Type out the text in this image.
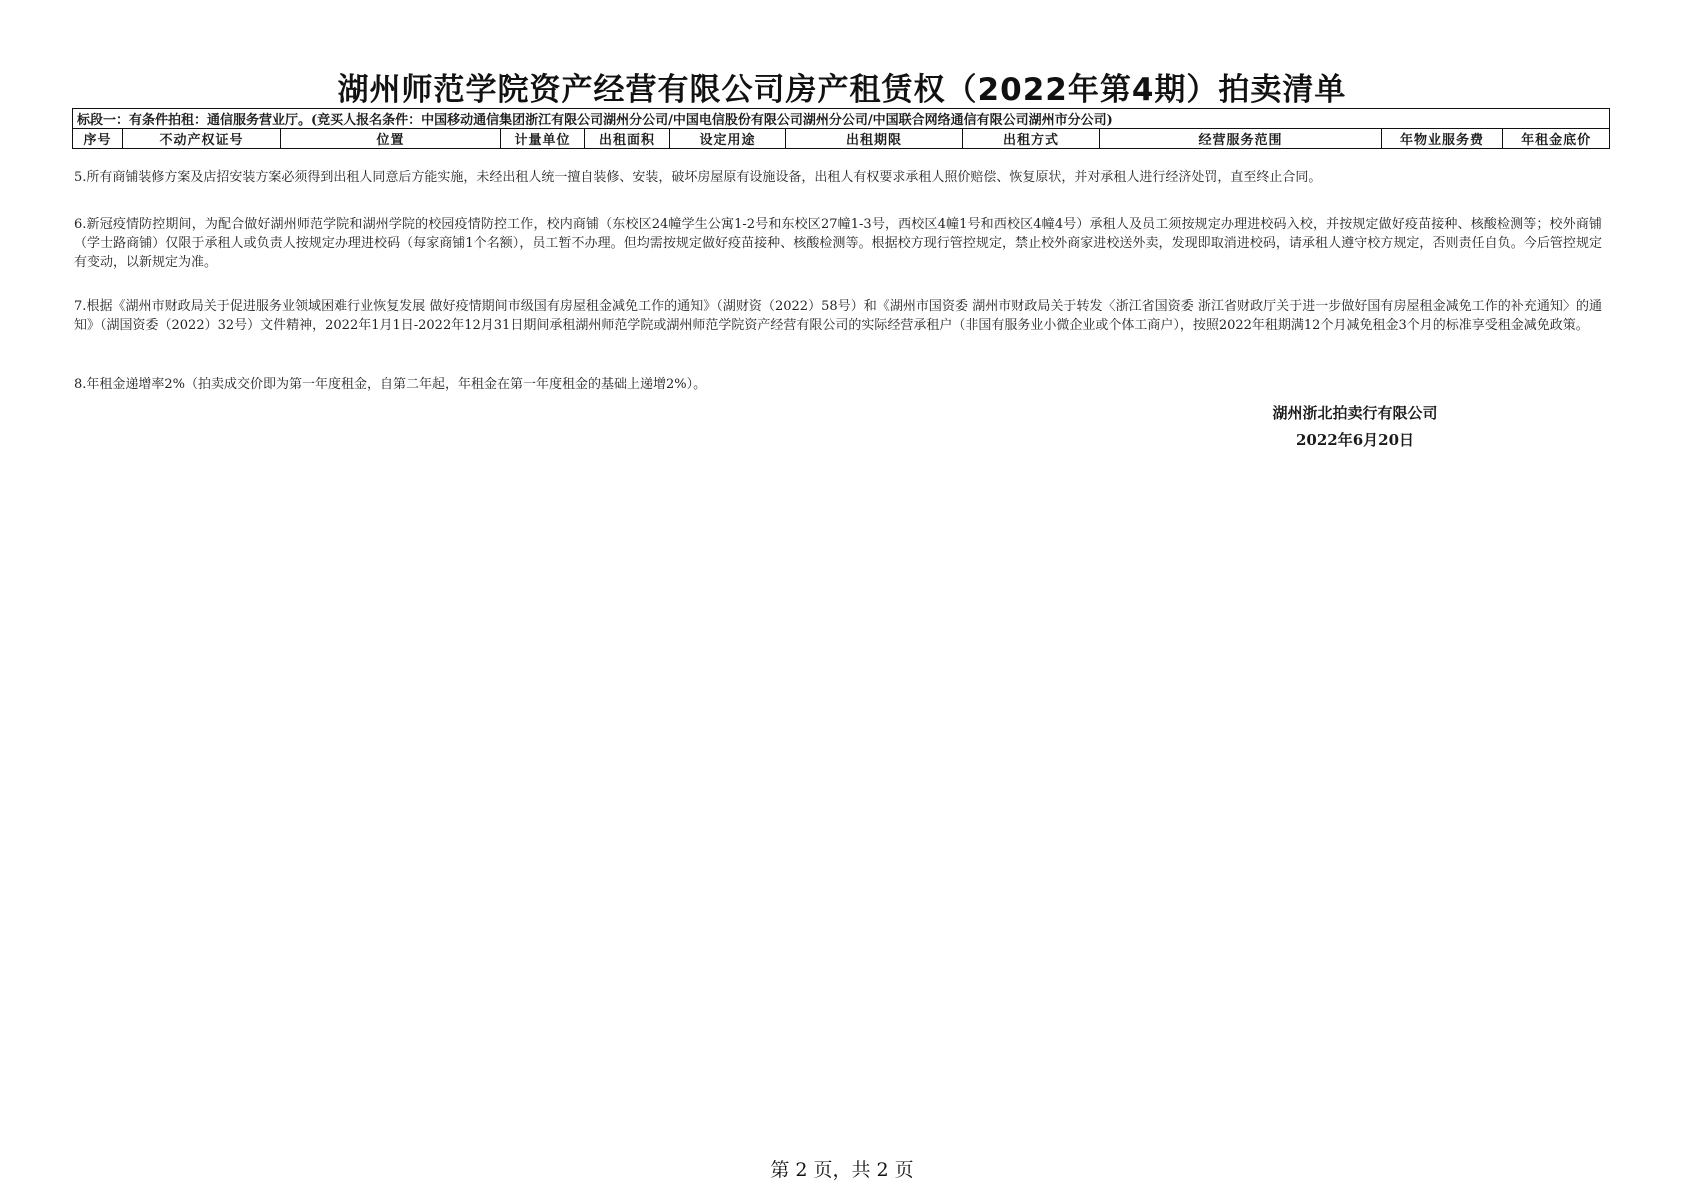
湖州师范学院资产经营有限公司房产租赁权（2022年第4期）拍卖清单
标段一：有条件拍租：通信服务营业厅。(竞买人报名条件：中国移动通信集团浙江有限公司湖州分公司/中国电信股份有限公司湖州分公司/中国联合网络通信有限公司湖州市分公司)
序号	不动产权证号	位置	计量单位	出租面积	设定用途	出租期限	出租方式	经营服务范围	年物业服务费	年租金底价
5.所有商铺装修方案及店招安装方案必须得到出租人同意后方能实施，未经出租人统一擅自装修、安装，破坏房屋原有设施设备，出租人有权要求承租人照价赔偿、恢复原状，并对承租人进行经济处罚，直至终止合同。
6.新冠疫情防控期间，为配合做好湖州师范学院和湖州学院的校园疫情防控工作，校内商铺（东校区24幢学生公寓1-2号和东校区27幢1-3号，西校区4幢1号和西校区4幢4号）承租人及员工须按规定办理进校码入校，并按规定做好疫苗接种、核酸检测等；校外商铺（学士路商铺）仅限于承租人或负责人按规定办理进校码（每家商铺1个名额），员工暂不办理。但均需按规定做好疫苗接种、核酸检测等。根据校方现行管控规定，禁止校外商家进校送外卖，发现即取消进校码，请承租人遵守校方规定，否则责任自负。今后管控规定有变动，以新规定为准。
7.根据《湖州市财政局关于促进服务业领域困难行业恢复发展 做好疫情期间市级国有房屋租金减免工作的通知》（湖财资（2022）58号）和《湖州市国资委 湖州市财政局关于转发〈浙江省国资委 浙江省财政厅关于进一步做好国有房屋租金减免工作的补充通知〉的通知》（湖国资委（2022）32号）文件精神，2022年1月1日-2022年12月31日期间承租湖州师范学院或湖州师范学院资产经营有限公司的实际经营承租户（非国有服务业小微企业或个体工商户），按照2022年租期满12个月减免租金3个月的标准享受租金减免政策。
8.年租金递增率2%（拍卖成交价即为第一年度租金，自第二年起，年租金在第一年度租金的基础上递增2%）。
湖州浙北拍卖行有限公司
2022年6月20日
第 2 页，共 2 页
